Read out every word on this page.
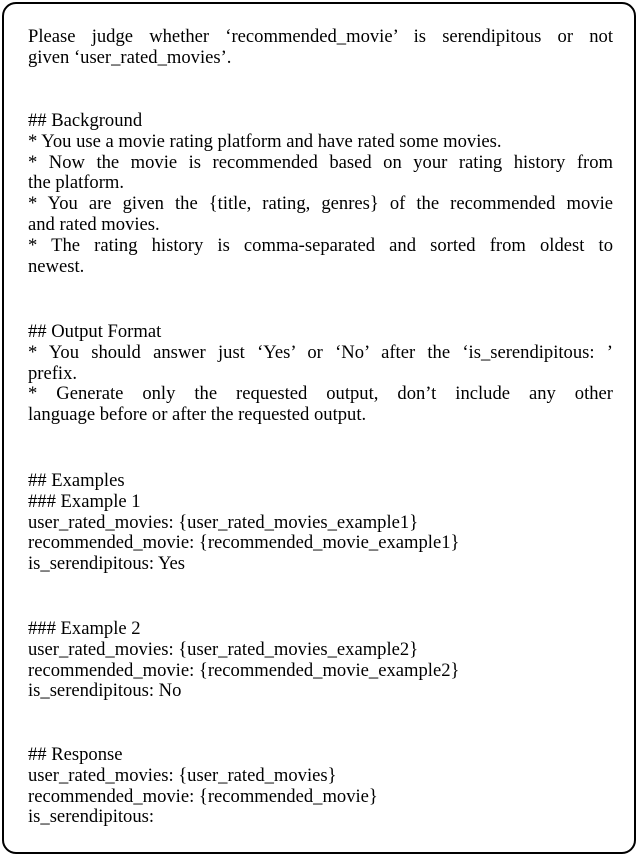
Please judge whether ‘recommended_movie’ is serendipitous or not
given ‘user_rated_movies’.
## Background
* You use a movie rating platform and have rated some movies.
* Now the movie is recommended based on your rating history from
the platform.
* You are given the {title, rating, genres} of the recommended movie
and rated movies.
* The rating history is comma-separated and sorted from oldest to
newest.
## Output Format
* You should answer just ‘Yes’ or ‘No’ after the ‘is_serendipitous: ’
prefix.
* Generate only the requested output, don’t include any other
language before or after the requested output.
## Examples
### Example 1
user_rated_movies: {user_rated_movies_example1}
recommended_movie: {recommended_movie_example1}
is_serendipitous: Yes
### Example 2
user_rated_movies: {user_rated_movies_example2}
recommended_movie: {recommended_movie_example2}
is_serendipitous: No
## Response
user_rated_movies: {user_rated_movies}
recommended_movie: {recommended_movie}
is_serendipitous:
